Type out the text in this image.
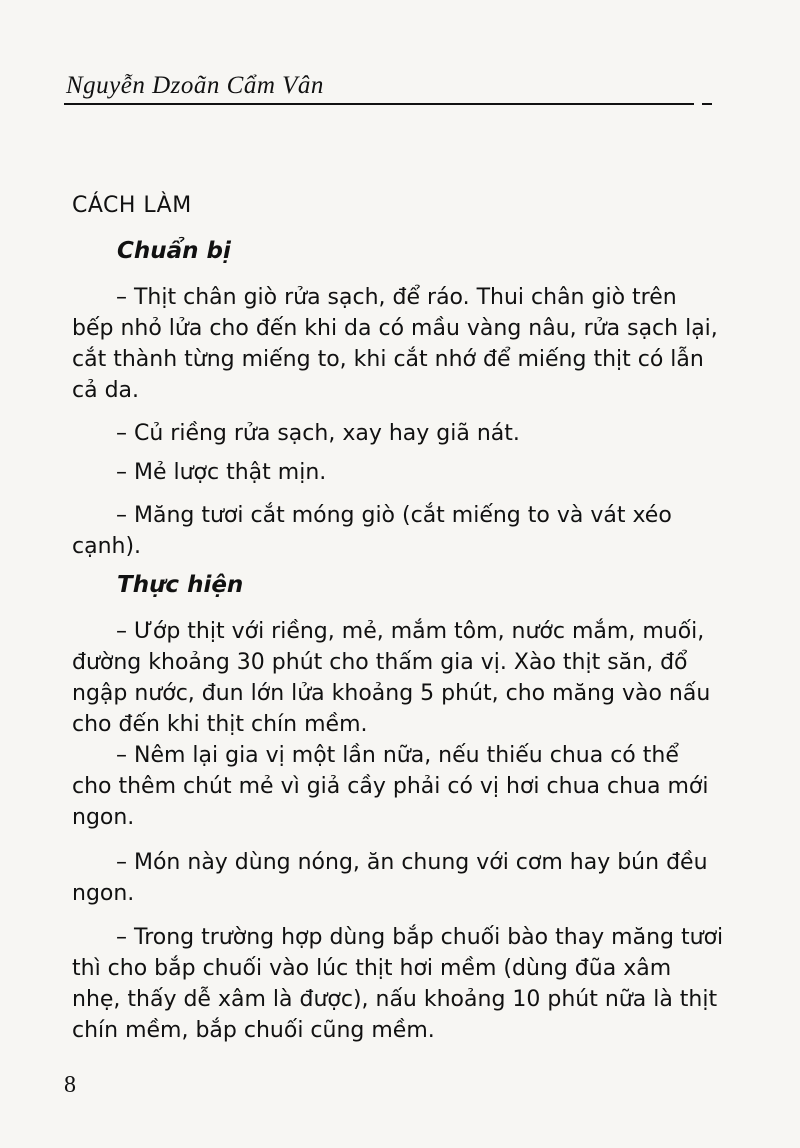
Nguyễn Dzoãn Cẩm Vân
CÁCH LÀM
Chuẩn bị

– Thịt chân giò rửa sạch, để ráo. Thui chân giò trên bếp nhỏ lửa cho đến khi da có mầu vàng nâu, rửa sạch lại, cắt thành từng miếng to, khi cắt nhớ để miếng thịt có lẫn cả da.

– Củ riềng rửa sạch, xay hay giã nát.

– Mẻ lược thật mịn.

– Măng tươi cắt móng giò (cắt miếng to và vát xéo cạnh).

Thực hiện

– Ướp thịt với riềng, mẻ, mắm tôm, nước mắm, muối, đường khoảng 30 phút cho thấm gia vị. Xào thịt săn, đổ ngập nước, đun lớn lửa khoảng 5 phút, cho măng vào nấu cho đến khi thịt chín mềm.

– Nêm lại gia vị một lần nữa, nếu thiếu chua có thể cho thêm chút mẻ vì giả cầy phải có vị hơi chua chua mới ngon.

– Món này dùng nóng, ăn chung với cơm hay bún đều ngon.

– Trong trường hợp dùng bắp chuối bào thay măng tươi thì cho bắp chuối vào lúc thịt hơi mềm (dùng đũa xâm nhẹ, thấy dễ xâm là được), nấu khoảng 10 phút nữa là thịt chín mềm, bắp chuối cũng mềm.

8
